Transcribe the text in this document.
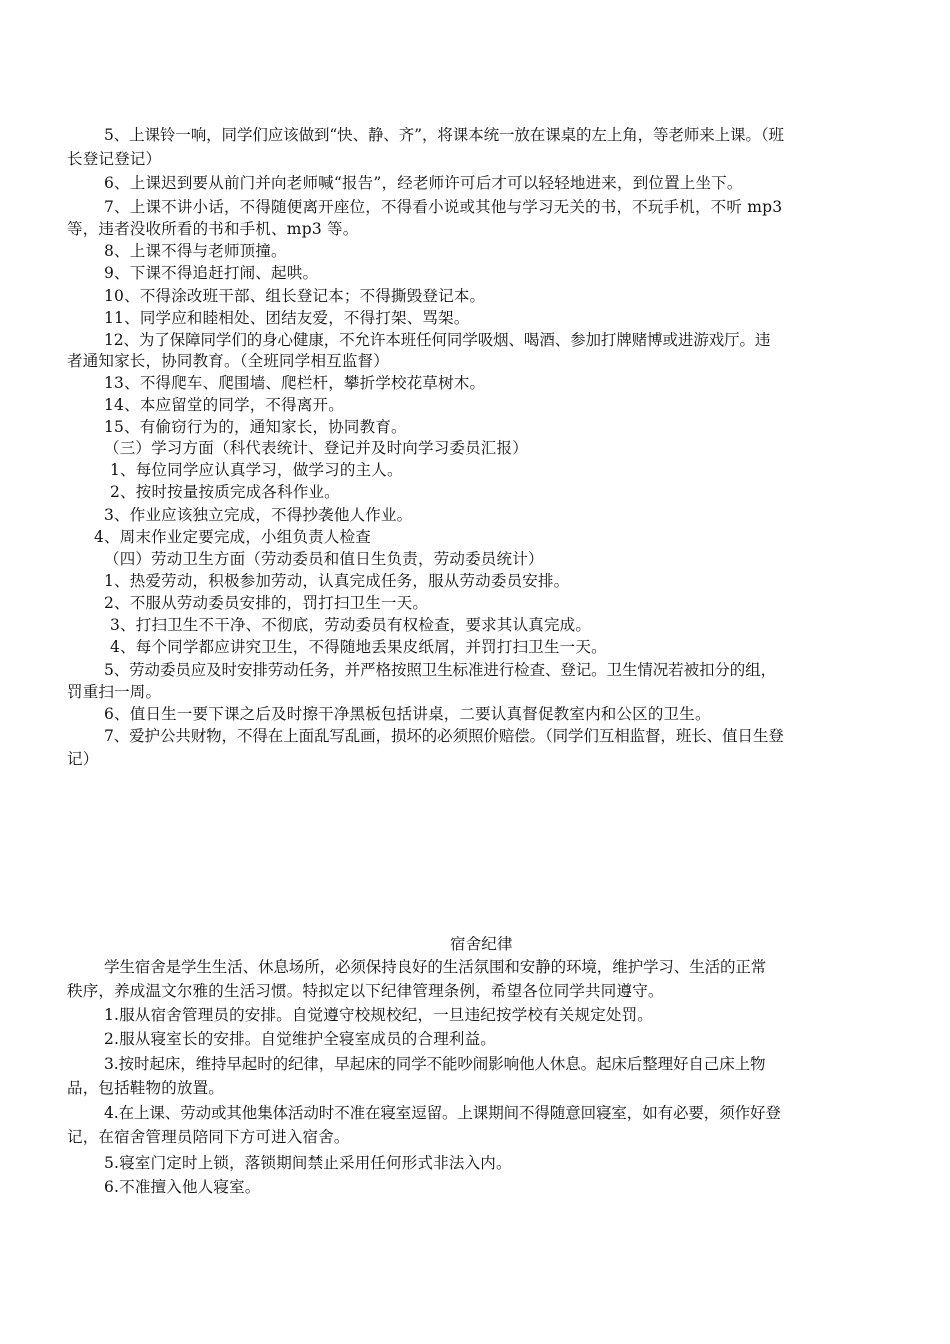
5、上课铃一响，同学们应该做到“快、静、齐”，将课本统一放在课桌的左上角，等老师来上课。（班
长登记登记）
6、上课迟到要从前门并向老师喊“报告”，经老师许可后才可以轻轻地进来，到位置上坐下。
7、上课不讲小话，不得随便离开座位，不得看小说或其他与学习无关的书，不玩手机，不听 mp3
等，违者没收所看的书和手机、mp3 等。
8、上课不得与老师顶撞。
9、下课不得追赶打闹、起哄。
10、不得涂改班干部、组长登记本；不得撕毁登记本。
11、同学应和睦相处、团结友爱，不得打架、骂架。
12、为了保障同学们的身心健康，不允许本班任何同学吸烟、喝酒、参加打牌赌博或进游戏厅。违
者通知家长，协同教育。（全班同学相互监督）
13、不得爬车、爬围墙、爬栏杆，攀折学校花草树木。
14、本应留堂的同学，不得离开。
15、有偷窃行为的，通知家长，协同教育。
（三）学习方面（科代表统计、登记并及时向学习委员汇报）
1、每位同学应认真学习，做学习的主人。
2、按时按量按质完成各科作业。
3、作业应该独立完成，不得抄袭他人作业。
4、周末作业定要完成，小组负责人检查
（四）劳动卫生方面（劳动委员和值日生负责，劳动委员统计）
1、热爱劳动，积极参加劳动，认真完成任务，服从劳动委员安排。
2、不服从劳动委员安排的，罚打扫卫生一天。
3、打扫卫生不干净、不彻底，劳动委员有权检查，要求其认真完成。
4、每个同学都应讲究卫生，不得随地丢果皮纸屑，并罚打扫卫生一天。
5、劳动委员应及时安排劳动任务，并严格按照卫生标准进行检查、登记。卫生情况若被扣分的组，
罚重扫一周。
6、值日生一要下课之后及时擦干净黑板包括讲桌，二要认真督促教室内和公区的卫生。
7、爱护公共财物，不得在上面乱写乱画，损坏的必须照价赔偿。（同学们互相监督，班长、值日生登
记）
宿舍纪律
学生宿舍是学生生活、休息场所，必须保持良好的生活氛围和安静的环境，维护学习、生活的正常
秩序，养成温文尔雅的生活习惯。特拟定以下纪律管理条例，希望各位同学共同遵守。
1.服从宿舍管理员的安排。自觉遵守校规校纪，一旦违纪按学校有关规定处罚。
2.服从寝室长的安排。自觉维护全寝室成员的合理利益。
3.按时起床，维持早起时的纪律，早起床的同学不能吵闹影响他人休息。起床后整理好自己床上物
品，包括鞋物的放置。
4.在上课、劳动或其他集体活动时不准在寝室逗留。上课期间不得随意回寝室，如有必要，须作好登
记，在宿舍管理员陪同下方可进入宿舍。
5.寝室门定时上锁，落锁期间禁止采用任何形式非法入内。
6.不准擅入他人寝室。
